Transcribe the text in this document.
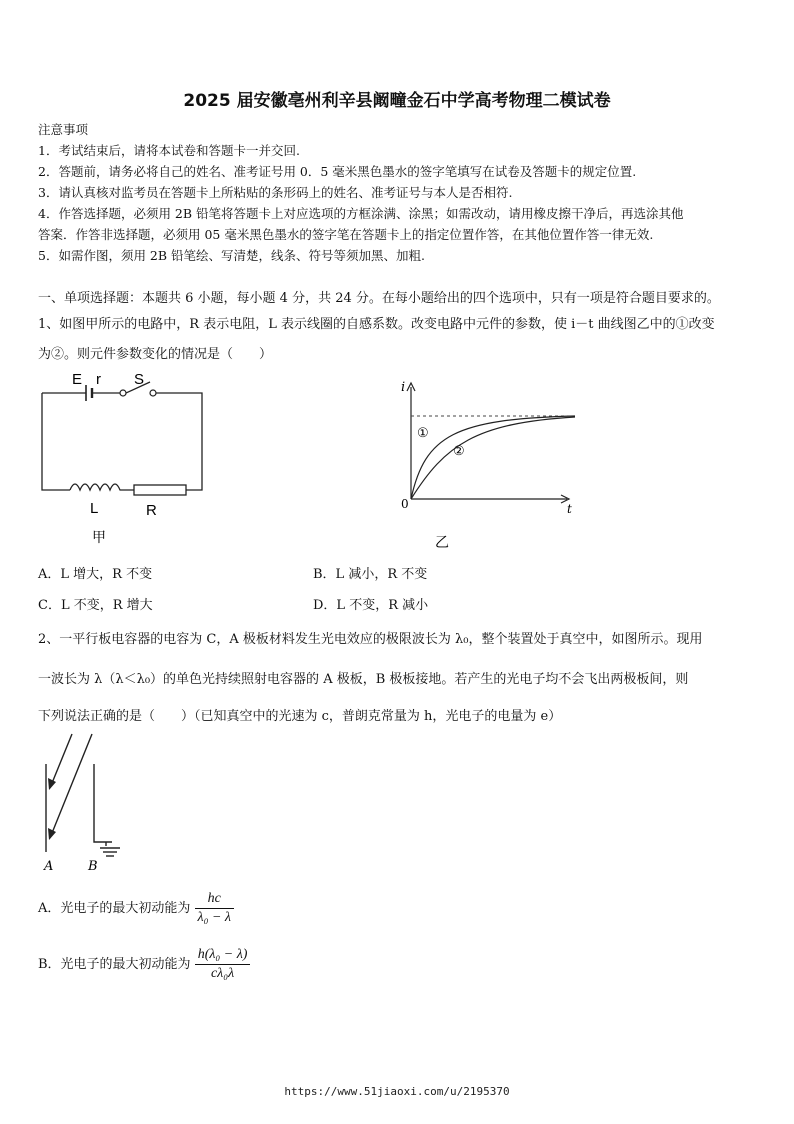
2025 届安徽亳州利辛县阚疃金石中学高考物理二模试卷
注意事项
1．考试结束后，请将本试卷和答题卡一并交回.
2．答题前，请务必将自己的姓名、准考证号用 0．5 毫米黑色墨水的签字笔填写在试卷及答题卡的规定位置.
3．请认真核对监考员在答题卡上所粘贴的条形码上的姓名、准考证号与本人是否相符.
4．作答选择题，必须用 2B 铅笔将答题卡上对应选项的方框涂满、涂黑；如需改动，请用橡皮擦干净后，再选涂其他
答案．作答非选择题，必须用 05 毫米黑色墨水的签字笔在答题卡上的指定位置作答，在其他位置作答一律无效.
5．如需作图，须用 2B 铅笔绘、写清楚，线条、符号等须加黑、加粗.
一、单项选择题：本题共 6 小题，每小题 4 分，共 24 分。在每小题给出的四个选项中，只有一项是符合题目要求的。
1、如图甲所示的电路中，R 表示电阻，L 表示线圈的自感系数。改变电路中元件的参数，使 i－t 曲线图乙中的①改变
为②。则元件参数变化的情况是（　　）
E r S
L	R
甲
i
t
0
①
②
乙
A．L 增大，R 不变	B．L 减小，R 不变
C．L 不变，R 增大	D．L 不变，R 减小
2、一平行板电容器的电容为 C，A 极板材料发生光电效应的极限波长为 λ₀，整个装置处于真空中，如图所示。现用
一波长为 λ（λ＜λ₀）的单色光持续照射电容器的 A 极板，B 极板接地。若产生的光电子均不会飞出两极板间，则
下列说法正确的是（　　）（已知真空中的光速为 c，普朗克常量为 h，光电子的电量为 e）
A	B
A．光电子的最大初动能为 $\frac{hc}{\text{λ₀ − λ}}$
B．光电子的最大初动能为 $\frac{\text{h(λ₀ − λ)}}{\text{cλ₀λ}}$
https://www.51jiaoxi.com/u/2195370
